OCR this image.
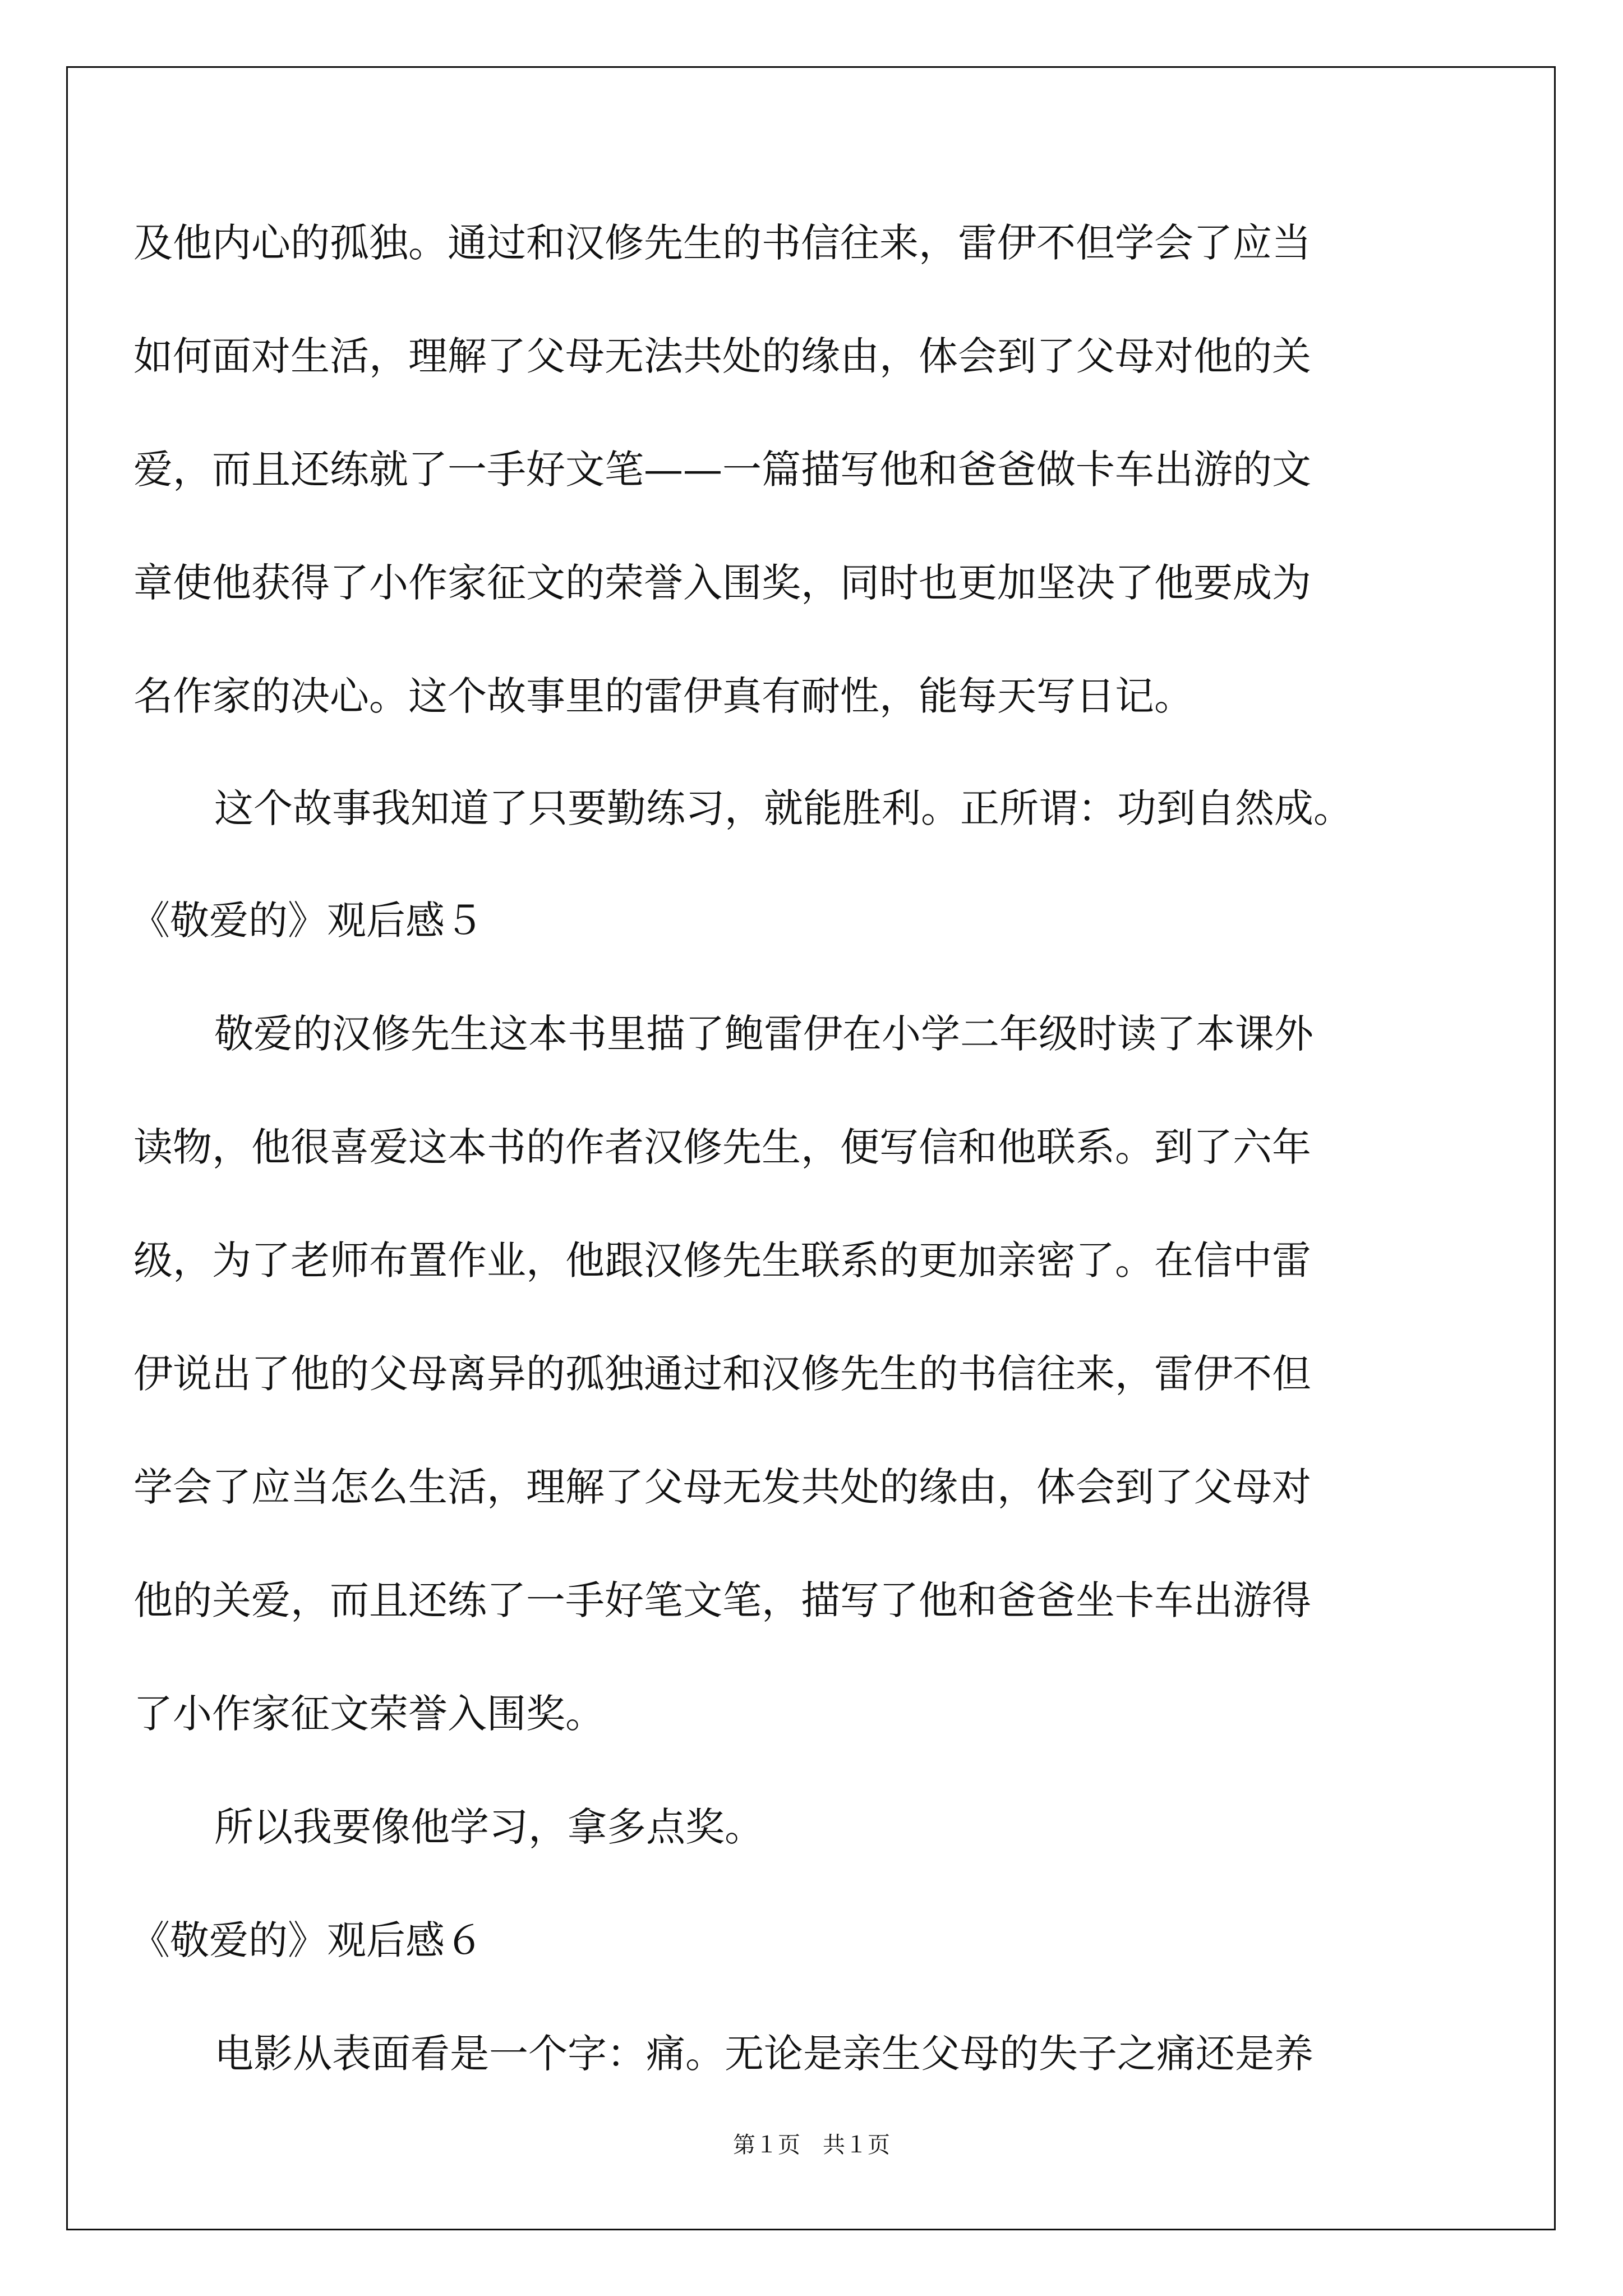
及他内心的孤独。通过和汉修先生的书信往来，雷伊不但学会了应当
如何面对生活，理解了父母无法共处的缘由，体会到了父母对他的关
爱，而且还练就了一手好文笔——一篇描写他和爸爸做卡车出游的文
章使他获得了小作家征文的荣誉入围奖，同时也更加坚决了他要成为
名作家的决心。这个故事里的雷伊真有耐性，能每天写日记。
这个故事我知道了只要勤练习，就能胜利。正所谓：功到自然成。
《敬爱的》观后感５
敬爱的汉修先生这本书里描了鲍雷伊在小学二年级时读了本课外
读物，他很喜爱这本书的作者汉修先生，便写信和他联系。到了六年
级，为了老师布置作业，他跟汉修先生联系的更加亲密了。在信中雷
伊说出了他的父母离异的孤独通过和汉修先生的书信往来，雷伊不但
学会了应当怎么生活，理解了父母无发共处的缘由，体会到了父母对
他的关爱，而且还练了一手好笔文笔，描写了他和爸爸坐卡车出游得
了小作家征文荣誉入围奖。
所以我要像他学习，拿多点奖。
《敬爱的》观后感６
电影从表面看是一个字：痛。无论是亲生父母的失子之痛还是养
第１页　共１页
